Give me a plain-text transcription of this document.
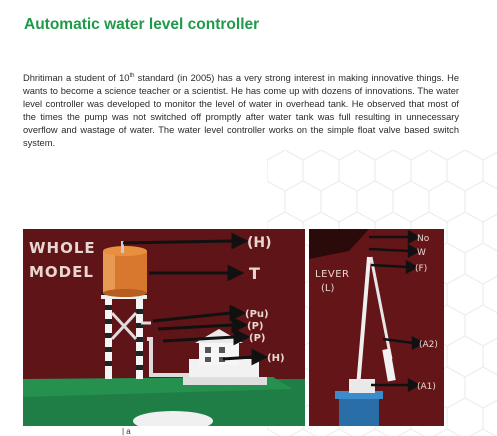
Automatic water level controller
Dhritiman a student of 10th standard (in 2005) has a very strong interest in making innovative things. He wants to become a science teacher or a scientist. He has come up with dozens of innovations. The water level controller was developed to monitor the level of water in overhead tank. He observed that most of the times the pump was not switched off promptly after water tank was full resulting in unnecessary overflow and wastage of water. The water level controller works on the simple float valve based switch system.
WHOLE
MODEL
(H)
T
(Pu)
(P)
(P)
(H)
LEVER
(L)
No
W
(F)
(A2)
(A1)
| a
